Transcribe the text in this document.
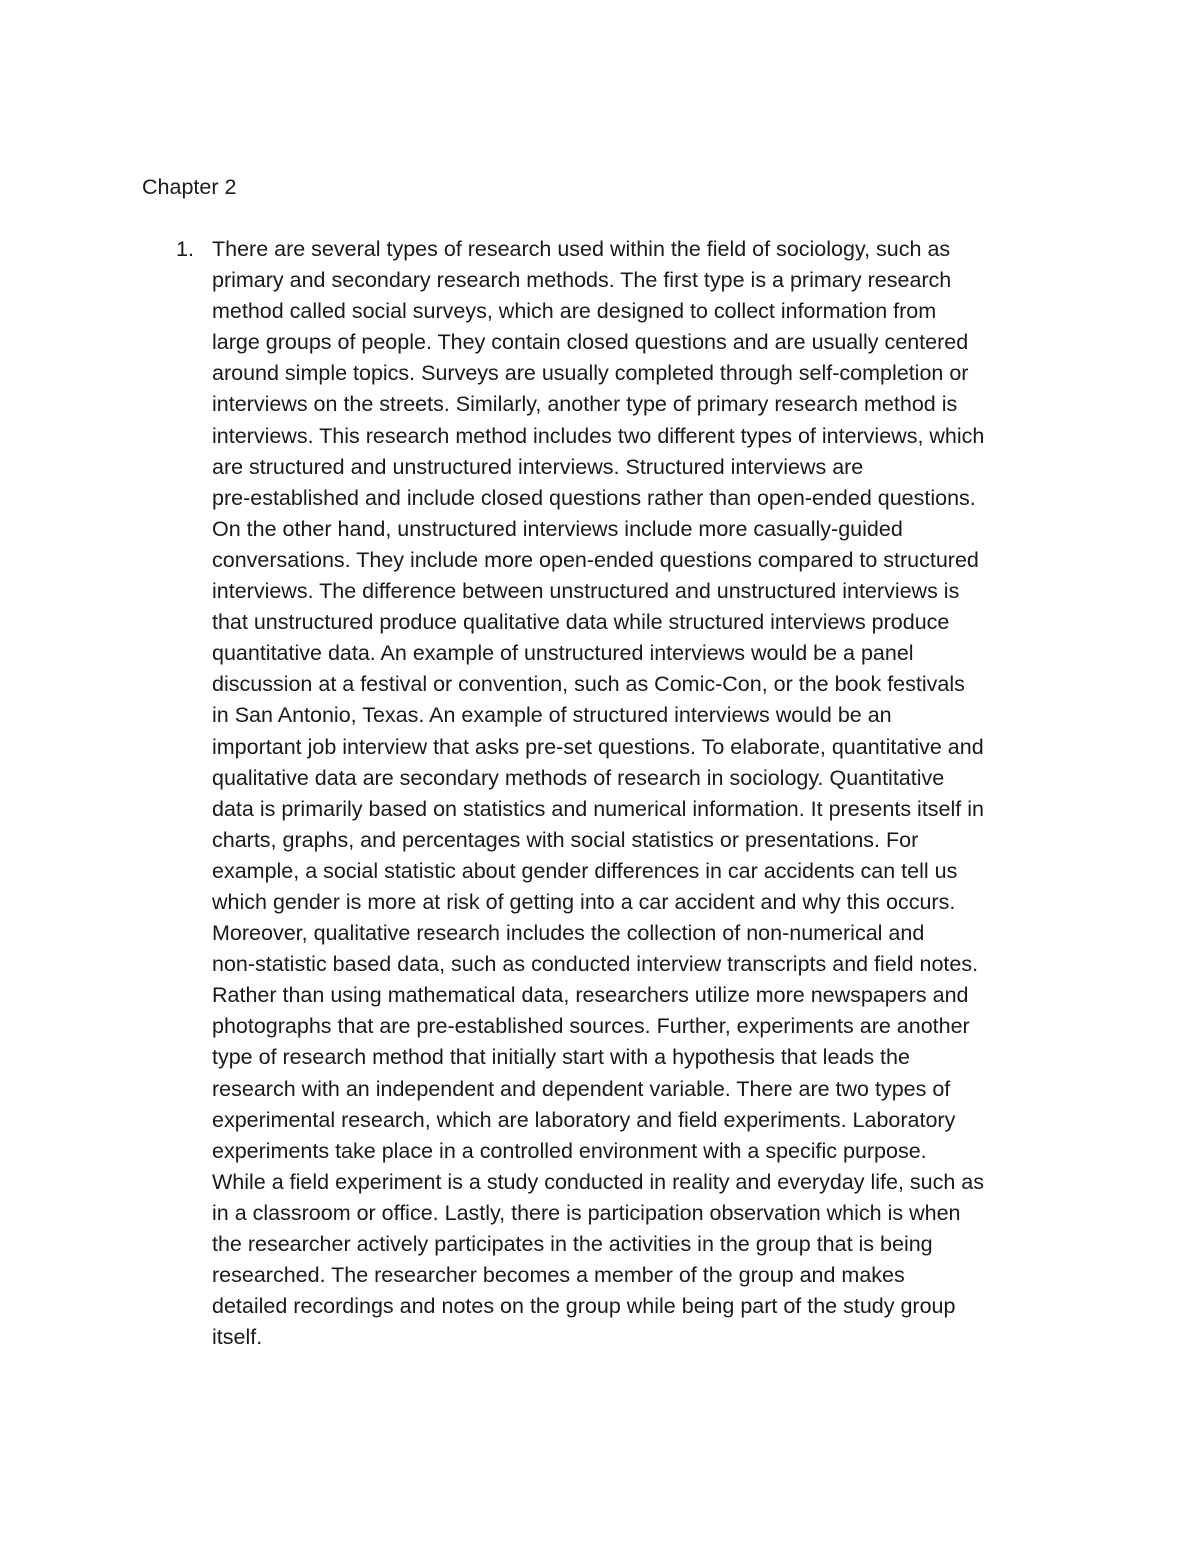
Chapter 2
1. There are several types of research used within the field of sociology, such as
primary and secondary research methods. The first type is a primary research
method called social surveys, which are designed to collect information from
large groups of people. They contain closed questions and are usually centered
around simple topics. Surveys are usually completed through self-completion or
interviews on the streets. Similarly, another type of primary research method is
interviews. This research method includes two different types of interviews, which
are structured and unstructured interviews. Structured interviews are
pre-established and include closed questions rather than open-ended questions.
On the other hand, unstructured interviews include more casually-guided
conversations. They include more open-ended questions compared to structured
interviews. The difference between unstructured and unstructured interviews is
that unstructured produce qualitative data while structured interviews produce
quantitative data. An example of unstructured interviews would be a panel
discussion at a festival or convention, such as Comic-Con, or the book festivals
in San Antonio, Texas. An example of structured interviews would be an
important job interview that asks pre-set questions. To elaborate, quantitative and
qualitative data are secondary methods of research in sociology. Quantitative
data is primarily based on statistics and numerical information. It presents itself in
charts, graphs, and percentages with social statistics or presentations. For
example, a social statistic about gender differences in car accidents can tell us
which gender is more at risk of getting into a car accident and why this occurs.
Moreover, qualitative research includes the collection of non-numerical and
non-statistic based data, such as conducted interview transcripts and field notes.
Rather than using mathematical data, researchers utilize more newspapers and
photographs that are pre-established sources. Further, experiments are another
type of research method that initially start with a hypothesis that leads the
research with an independent and dependent variable. There are two types of
experimental research, which are laboratory and field experiments. Laboratory
experiments take place in a controlled environment with a specific purpose.
While a field experiment is a study conducted in reality and everyday life, such as
in a classroom or office. Lastly, there is participation observation which is when
the researcher actively participates in the activities in the group that is being
researched. The researcher becomes a member of the group and makes
detailed recordings and notes on the group while being part of the study group
itself.
